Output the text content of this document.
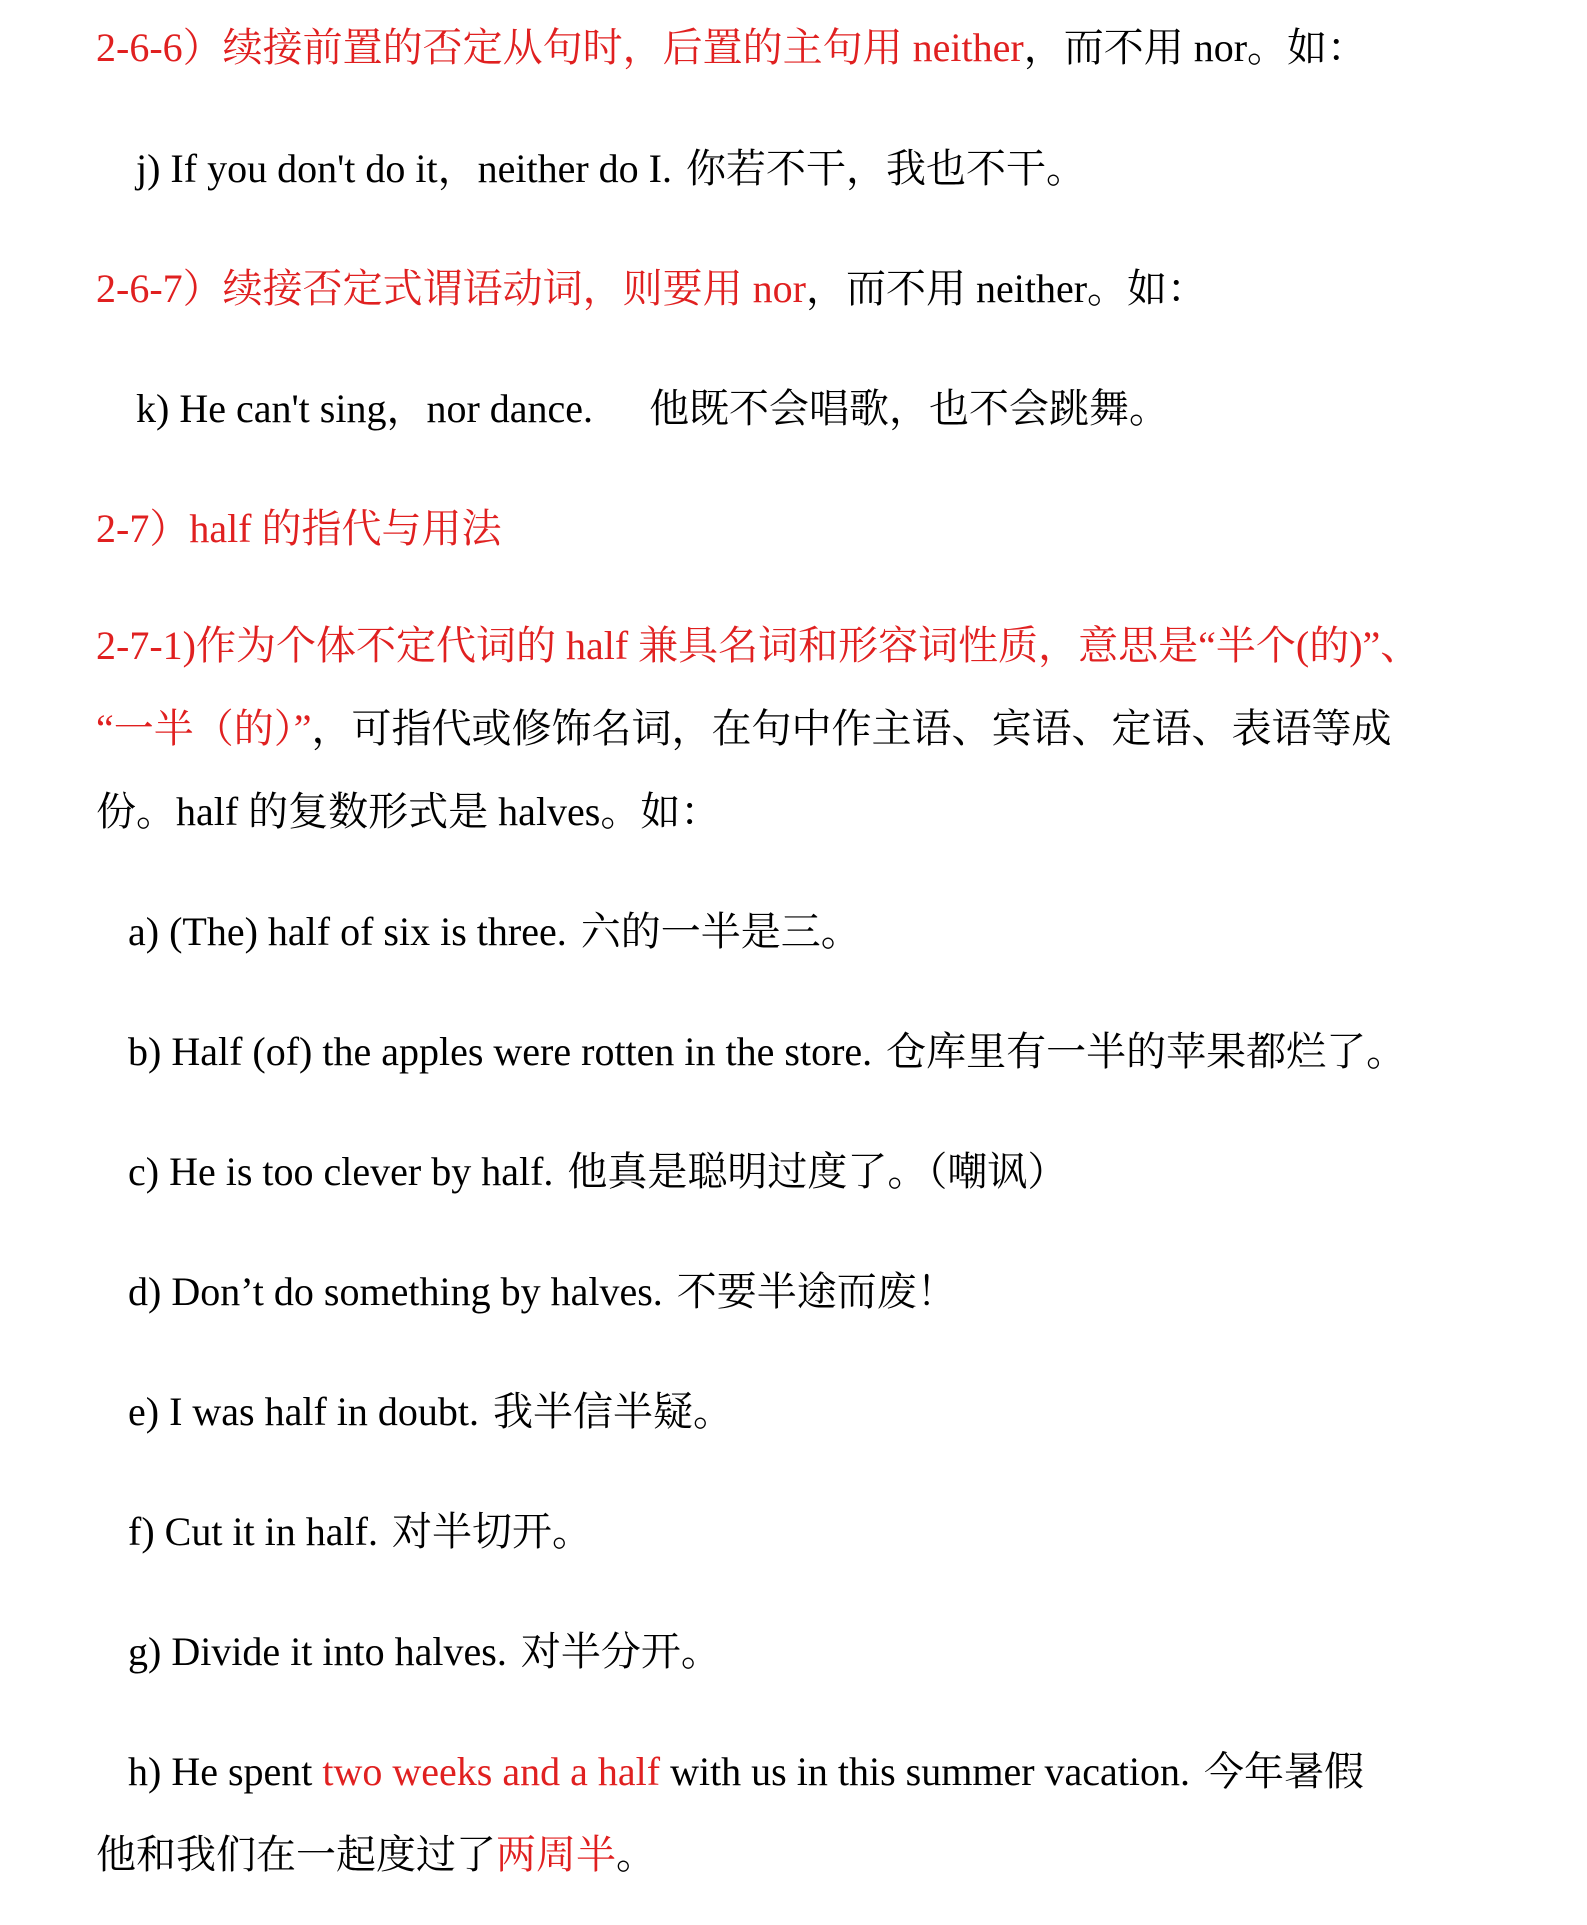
2-6-6）续接前置的否定从句时，后置的主句用 neither，而不用 nor。如：
j) If you don't do it，neither do I. 你若不干，我也不干。
2-6-7）续接否定式谓语动词，则要用 nor，而不用 neither。如：
k) He can't sing，nor dance. 他既不会唱歌，也不会跳舞。
2-7）half 的指代与用法
2-7-1)作为个体不定代词的 half 兼具名词和形容词性质，意思是“半个(的)”、
“一半（的）”，可指代或修饰名词，在句中作主语、宾语、定语、表语等成
份。half 的复数形式是 halves。如：
a) (The) half of six is three. 六的一半是三。
b) Half (of) the apples were rotten in the store. 仓库里有一半的苹果都烂了。
c) He is too clever by half. 他真是聪明过度了。（嘲讽）
d) Don’t do something by halves. 不要半途而废！
e) I was half in doubt. 我半信半疑。
f) Cut it in half. 对半切开。
g) Divide it into halves. 对半分开。
h) He spent two weeks and a half with us in this summer vacation. 今年暑假
他和我们在一起度过了两周半。
